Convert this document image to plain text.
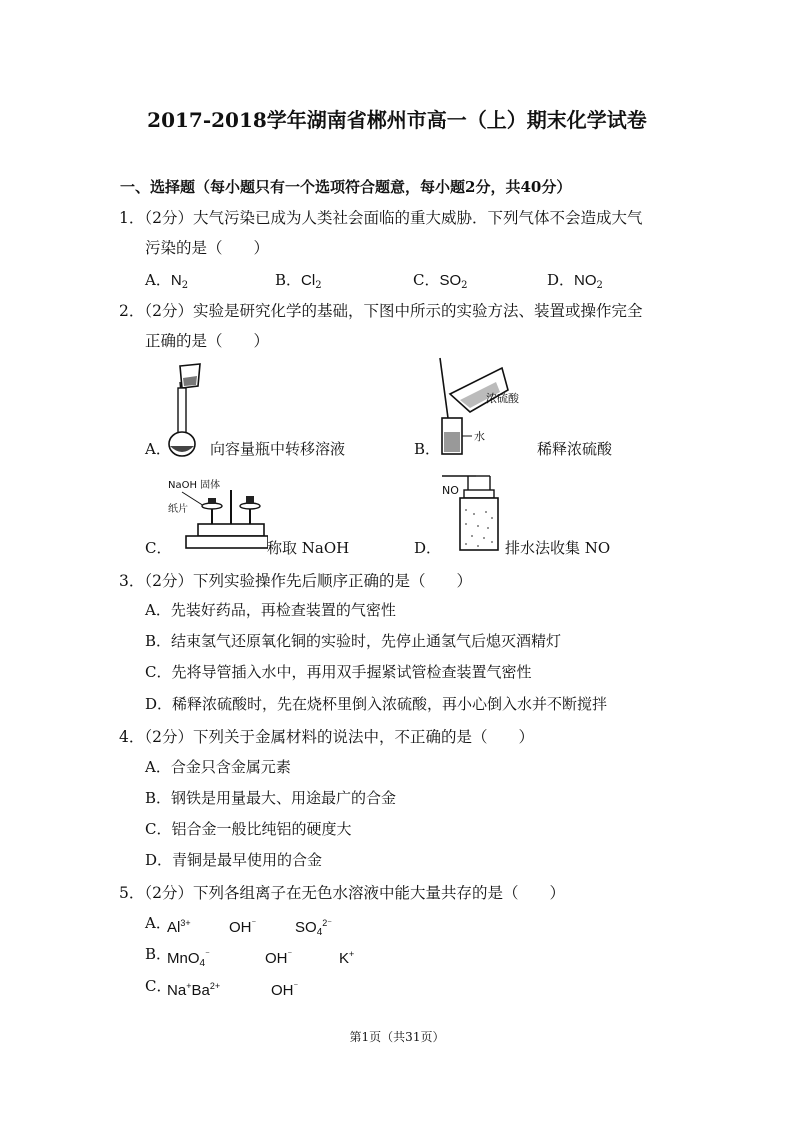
2017-2018学年湖南省郴州市高一（上）期末化学试卷
一、选择题（每小题只有一个选项符合题意，每小题2分，共40分）
1．（2分）大气污染已成为人类社会面临的重大威胁．下列气体不会造成大气
污染的是（　　）
A．$N_2$	B．$Cl_2$	C．$SO_2$	D．$NO_2$
2．（2分）实验是研究化学的基础，下图中所示的实验方法、装置或操作完全
正确的是（　　）
A．	向容量瓶中转移溶液
水
浓硫酸
B．	稀释浓硫酸
NaOH 固体
纸片
C．	称取 NaOH
NO
D．	排水法收集 NO
3．（2分）下列实验操作先后顺序正确的是（　　）
A．先装好药品，再检查装置的气密性
B．结束氢气还原氧化铜的实验时，先停止通氢气后熄灭酒精灯
C．先将导管插入水中，再用双手握紧试管检查装置气密性
D．稀释浓硫酸时，先在烧杯里倒入浓硫酸，再小心倒入水并不断搅拌
4．（2分）下列关于金属材料的说法中，不正确的是（　　）
A．合金只含金属元素
B．钢铁是用量最大、用途最广的合金
C．铝合金一般比纯铝的硬度大
D．青铜是最早使用的合金
5．（2分）下列各组离子在无色水溶液中能大量共存的是（　　）
A．
$Al^{3+}$	OH⁻	$SO_4^{2^-}$
B．
MnO$_4$⁻	OH⁻	K+
C．
$Na^+Ba^{2+}$	OH⁻
第1页（共31页）
